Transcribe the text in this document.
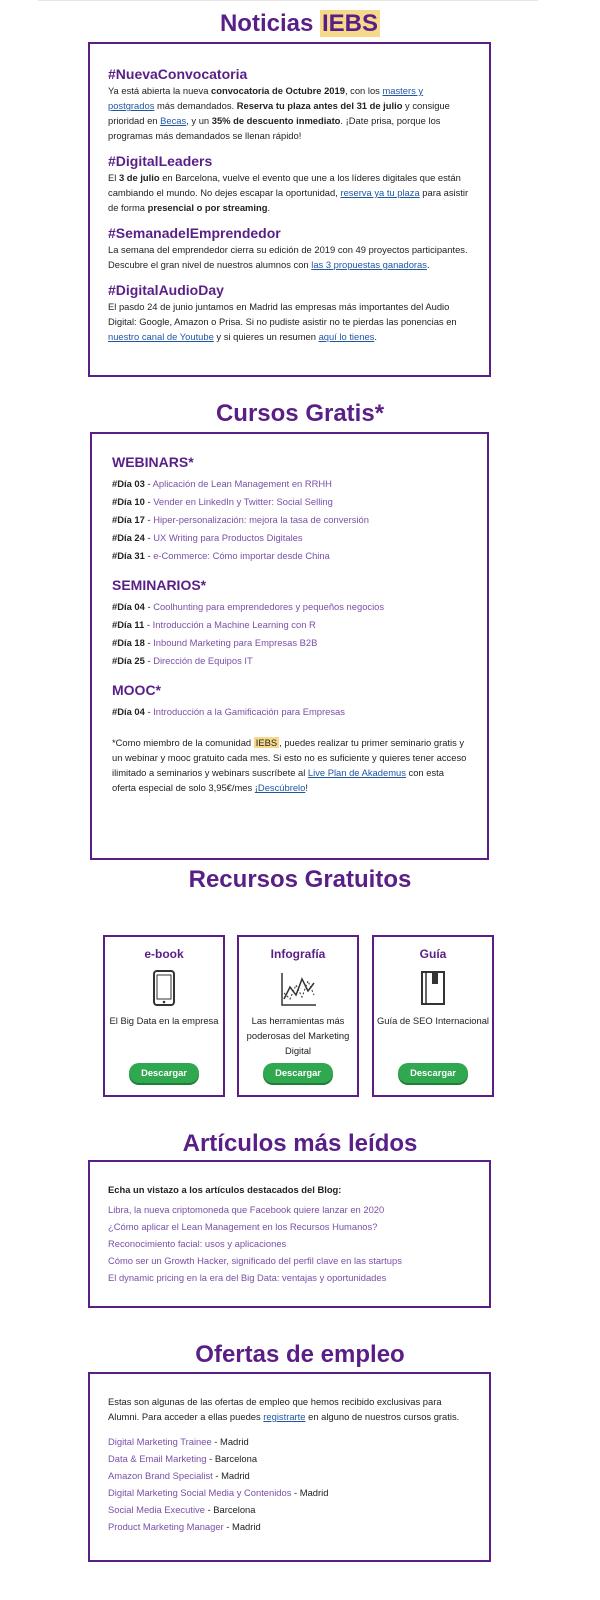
Noticias IEBS
#NuevaConvocatoria
Ya está abierta la nueva convocatoria de Octubre 2019, con los masters y postgrados más demandados. Reserva tu plaza antes del 31 de julio y consigue prioridad en Becas, y un 35% de descuento inmediato. ¡Date prisa, porque los programas más demandados se llenan rápido!
#DigitalLeaders
El 3 de julio en Barcelona, vuelve el evento que une a los líderes digitales que están cambiando el mundo. No dejes escapar la oportunidad, reserva ya tu plaza para asistir de forma presencial o por streaming.
#SemanadelEmprendedor
La semana del emprendedor cierra su edición de 2019 con 49 proyectos participantes. Descubre el gran nivel de nuestros alumnos con las 3 propuestas ganadoras.
#DigitalAudioDay
El pasdo 24 de junio juntamos en Madrid las empresas más importantes del Audio Digital: Google, Amazon o Prisa. Si no pudiste asistir no te pierdas las ponencias en nuestro canal de Youtube y si quieres un resumen aquí lo tienes.
Cursos Gratis*
WEBINARS*
#Día 03 - Aplicación de Lean Management en RRHH
#Día 10 - Vender en LinkedIn y Twitter: Social Selling
#Día 17 - Hiper-personalización: mejora la tasa de conversión
#Día 24 - UX Writing para Productos Digitales
#Día 31 - e-Commerce: Cómo importar desde China
SEMINARIOS*
#Día 04 - Coolhunting para emprendedores y pequeños negocios
#Día 11 - Introducción a Machine Learning con R
#Día 18 - Inbound Marketing para Empresas B2B
#Día 25 - Dirección de Equipos IT
MOOC*
#Día 04 - Introducción a la Gamificación para Empresas
*Como miembro de la comunidad IEBS , puedes realizar tu primer seminario gratis y un webinar y mooc gratuito cada mes. Si esto no es suficiente y quieres tener acceso ilimitado a seminarios y webinars suscríbete al Live Plan de Akademus con esta oferta especial de solo 3,95€/mes ¡Descúbrelo!
Recursos Gratuitos
e-book
El Big Data en la empresa
Descargar
Infografía
Las herramientas más poderosas del Marketing Digital
Descargar
Guía
Guía de SEO Internacional
Descargar
Artículos más leídos
Echa un vistazo a los artículos destacados del Blog:
Libra, la nueva criptomoneda que Facebook quiere lanzar en 2020
¿Cómo aplicar el Lean Management en los Recursos Humanos?
Reconocimiento facial: usos y aplicaciones
Cómo ser un Growth Hacker, significado del perfil clave en las startups
El dynamic pricing en la era del Big Data: ventajas y oportunidades
Ofertas de empleo
Estas son algunas de las ofertas de empleo que hemos recibido exclusivas para Alumni. Para acceder a ellas puedes registrarte en alguno de nuestros cursos gratis.
Digital Marketing Trainee - Madrid
Data & Email Marketing - Barcelona
Amazon Brand Specialist - Madrid
Digital Marketing Social Media y Contenidos - Madrid
Social Media Executive - Barcelona
Product Marketing Manager - Madrid
